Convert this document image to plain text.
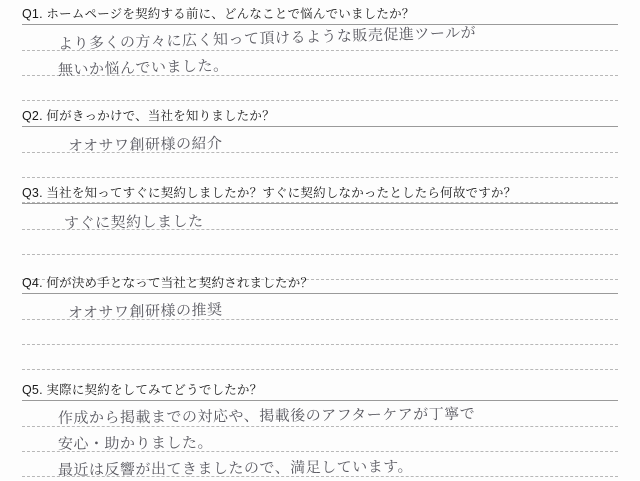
Q1. ホームページを契約する前に、どんなことで悩んでいましたか？
より多くの方々に広く知って頂けるような販売促進ツールが
無いか悩んでいました。
Q2. 何がきっかけで、当社を知りましたか？
オオサワ創研様の紹介
Q3. 当社を知ってすぐに契約しましたか？すぐに契約しなかったとしたら何故ですか？
すぐに契約しました
Q4. 何が決め手となって当社と契約されましたか？
オオサワ創研様の推奨
Q5. 実際に契約をしてみてどうでしたか？
作成から掲載までの対応や、掲載後のアフターケアが丁寧で
安心・助かりました。
最近は反響が出てきましたので、満足しています。
